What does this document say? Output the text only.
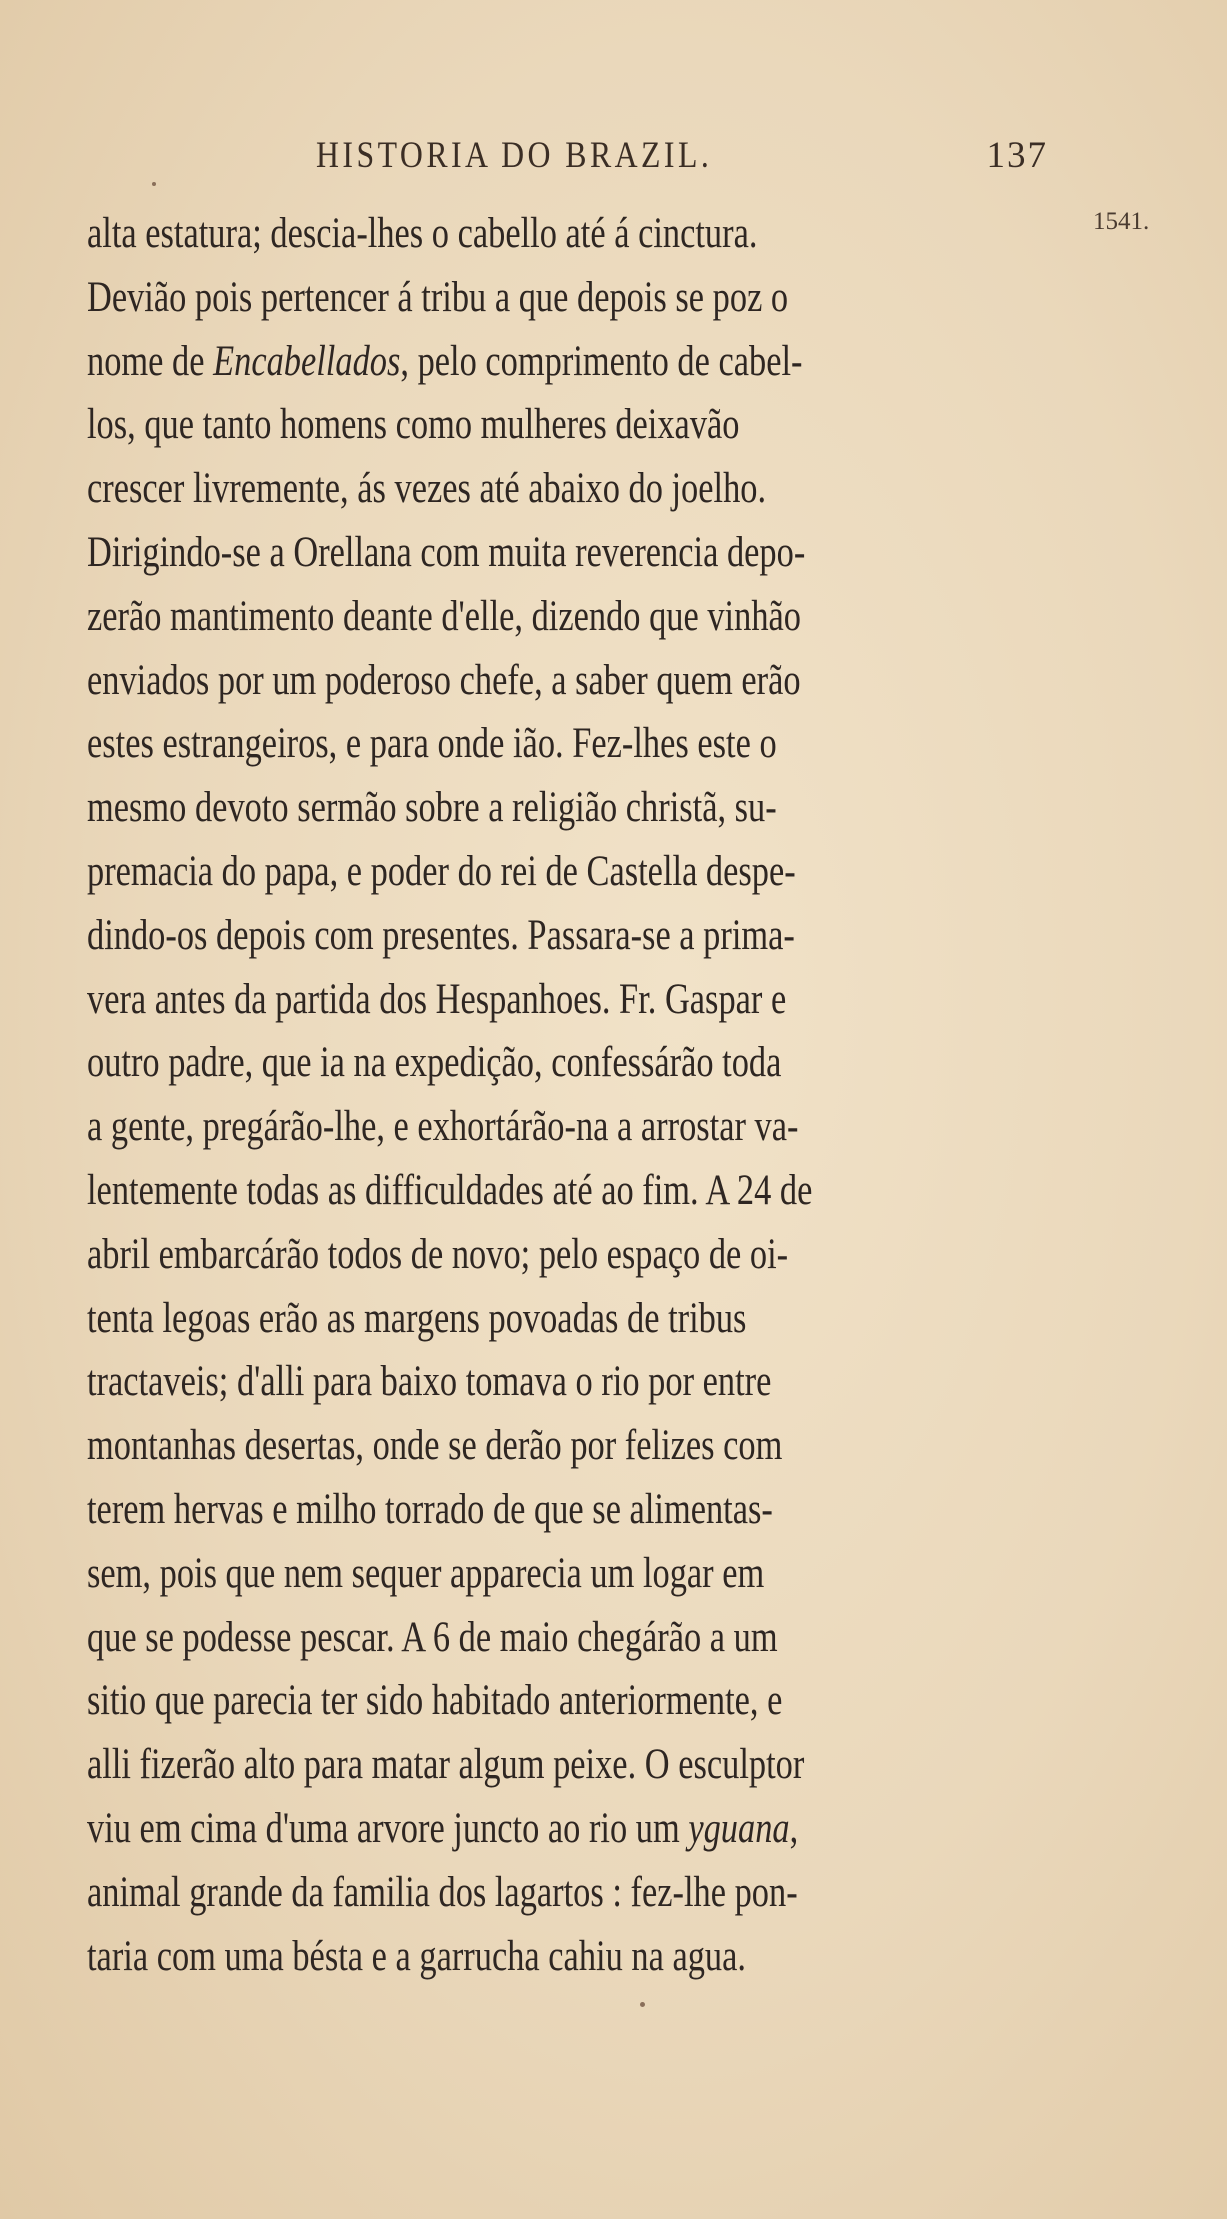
HISTORIA DO BRAZIL.	137
1541.
alta estatura; descia-lhes o cabello até á cinctura.
Devião pois pertencer á tribu a que depois se poz o
nome de Encabellados, pelo comprimento de cabel-
los, que tanto homens como mulheres deixavão
crescer livremente, ás vezes até abaixo do joelho.
Dirigindo-se a Orellana com muita reverencia depo-
zerão mantimento deante d'elle, dizendo que vinhão
enviados por um poderoso chefe, a saber quem erão
estes estrangeiros, e para onde ião. Fez-lhes este o
mesmo devoto sermão sobre a religião christã, su-
premacia do papa, e poder do rei de Castella despe-
dindo-os depois com presentes. Passara-se a prima-
vera antes da partida dos Hespanhoes. Fr. Gaspar e
outro padre, que ia na expedição, confessárão toda
a gente, pregárão-lhe, e exhortárão-na a arrostar va-
lentemente todas as difficuldades até ao fim. A 24 de
abril embarcárão todos de novo; pelo espaço de oi-
tenta legoas erão as margens povoadas de tribus
tractaveis; d'alli para baixo tomava o rio por entre
montanhas desertas, onde se derão por felizes com
terem hervas e milho torrado de que se alimentas-
sem, pois que nem sequer apparecia um logar em
que se podesse pescar. A 6 de maio chegárão a um
sitio que parecia ter sido habitado anteriormente, e
alli fizerão alto para matar algum peixe. O esculptor
viu em cima d'uma arvore juncto ao rio um yguana,
animal grande da familia dos lagartos : fez-lhe pon-
taria com uma bésta e a garrucha cahiu na agua.
